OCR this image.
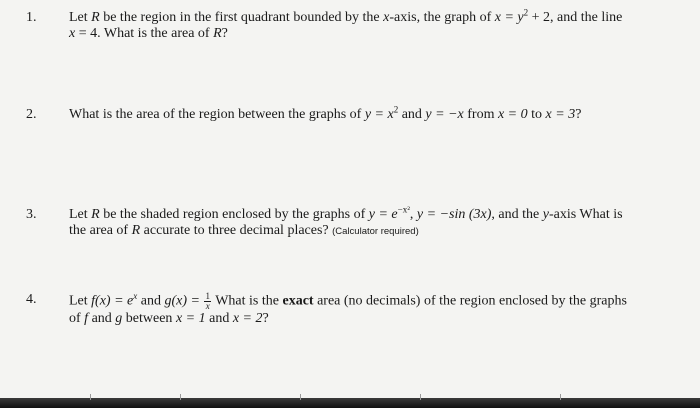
1. Let R be the region in the first quadrant bounded by the x-axis, the graph of $x = y^2 + 2$, and the line
x = 4. What is the area of R?
2. What is the area of the region between the graphs of $y = x^2$ and y = −x from x = 0 to x = 3?
3. Let R be the shaded region enclosed by the graphs of $y = e^{-x^2}$, y = −sin (3x), and the y-axis What is
the area of R accurate to three decimal places? (Calculator required)
4. Let $f(x) = e^x$ and $g(x) = \frac{1}{x}$ What is the exact area (no decimals) of the region enclosed by the graphs
of f and g between x = 1 and x = 2?
